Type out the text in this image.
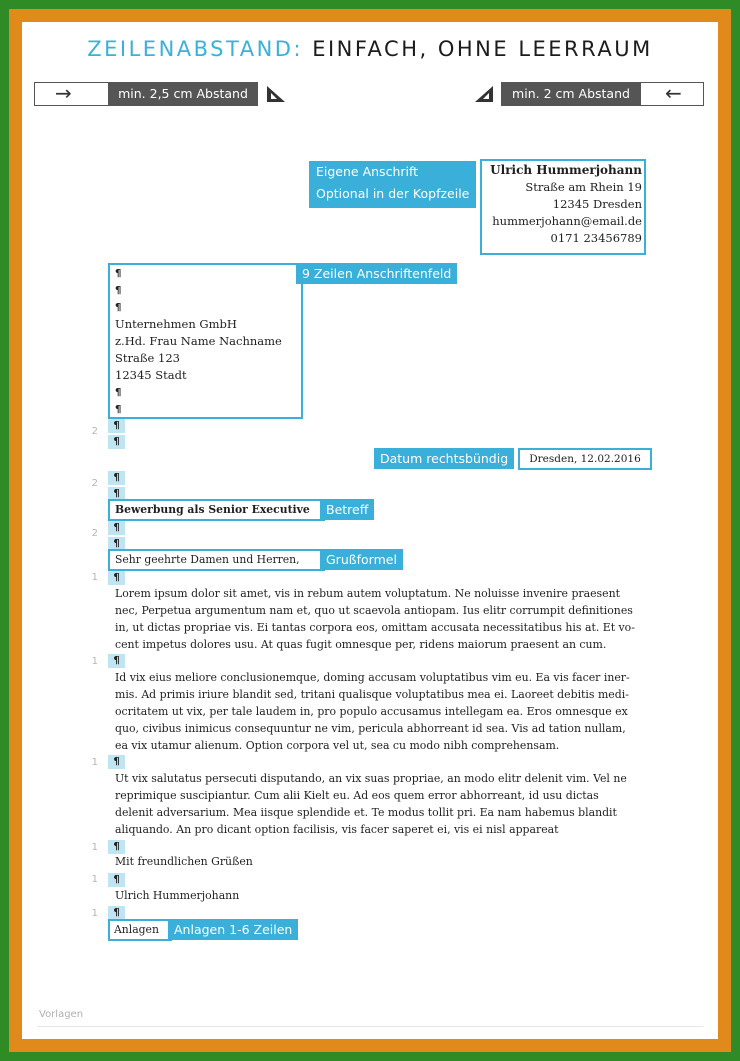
ZEILENABSTAND: EINFACH, OHNE LEERRAUM
→	min. 2,5 cm Abstand	min. 2 cm Abstand	←
Eigene Anschrift
Optional in der Kopfzeile
Ulrich Hummerjohann
Straße am Rhein 19
12345 Dresden
hummerjohann@email.de
0171 23456789
¶
¶
¶
Unternehmen GmbH
z.Hd. Frau Name Nachname
Straße 123
12345 Stadt
¶
¶
9 Zeilen Anschriftenfeld
2
¶
¶
Datum rechtsbündig	Dresden, 12.02.2016
2
¶
¶
Bewerbung als Senior Executive	Betreff
2
¶
¶
Sehr geehrte Damen und Herren,	Grußformel
1	¶
Lorem ipsum dolor sit amet, vis in rebum autem voluptatum. Ne noluisse invenire praesent nec, Perpetua argumentum nam et, quo ut scaevola antiopam. Ius elitr corrumpit definitiones in, ut dictas propriae vis. Ei tantas corpora eos, omittam accusata necessitatibus his at. Et vo-cent impetus dolores usu. At quas fugit omnesque per, ridens maiorum praesent an cum.
1	¶
Id vix eius meliore conclusionemque, doming accusam voluptatibus vim eu. Ea vis facer iner-mis. Ad primis iriure blandit sed, tritani qualisque voluptatibus mea ei. Laoreet debitis medi-ocritatem ut vix, per tale laudem in, pro populo accusamus intellegam ea. Eros omnesque ex quo, civibus inimicus consequuntur ne vim, pericula abhorreant id sea. Vis ad tation nullam, ea vix utamur alienum. Option corpora vel ut, sea cu modo nibh comprehensam.
1	¶
Ut vix salutatus persecuti disputando, an vix suas propriae, an modo elitr delenit vim. Vel ne reprimique suscipiantur. Cum alii Kielt eu. Ad eos quem error abhorreant, id usu dictas delenit adversarium. Mea iisque splendide et. Te modus tollit pri. Ea nam habemus blandit aliquando. An pro dicant option facilisis, vis facer saperet ei, vis ei nisl appareat
1	¶
Mit freundlichen Grüßen
1	¶
Ulrich Hummerjohann
1	¶
Anlagen	Anlagen 1-6 Zeilen
Vorlagen
